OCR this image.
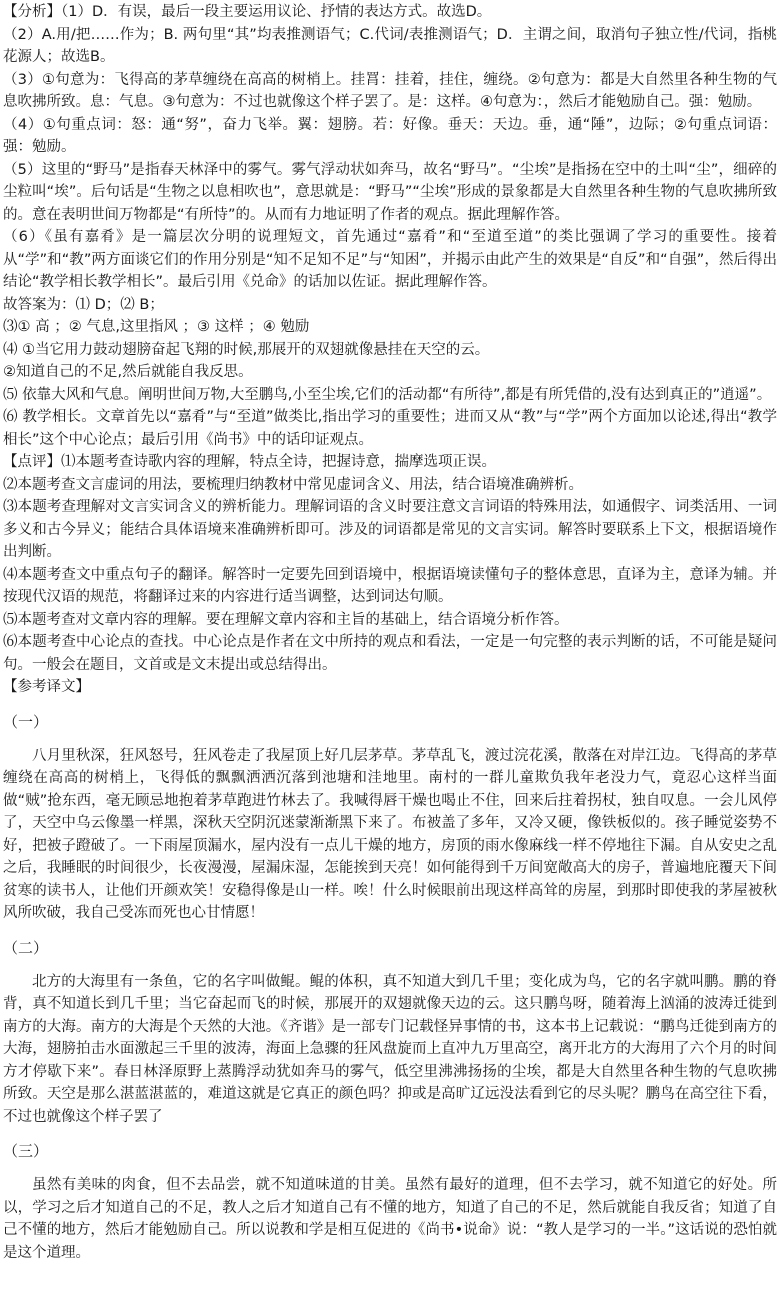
【分析】（1）D．有误，最后一段主要运用议论、抒情的表达方式。故选D。

（2）A.用/把……作为；B. 两句里“其”均表推测语气；C.代词/表推测语气；D．主谓之间，取消句子独立性/代词，指桃花源人；故选B。

（3）①句意为：飞得高的茅草缠绕在高高的树梢上。挂罥：挂着，挂住，缠绕。②句意为：都是大自然里各种生物的气息吹拂所致。息：气息。③句意为：不过也就像这个样子罢了。是：这样。④句意为：，然后才能勉励自己。强：勉励。

（4）①句重点词：怒：通“努”，奋力飞举。翼：翅膀。若：好像。垂天：天边。垂，通“陲”，边际；②句重点词语：强：勉励。

（5）这里的“野马”是指春天林泽中的雾气。雾气浮动状如奔马，故名“野马”。“尘埃”是指扬在空中的土叫“尘”，细碎的尘粒叫“埃”。后句话是“生物之以息相吹也”，意思就是：“野马”“尘埃”形成的景象都是大自然里各种生物的气息吹拂所致的。意在表明世间万物都是“有所恃”的。从而有力地证明了作者的观点。据此理解作答。

（6）《虽有嘉肴》是一篇层次分明的说理短文，首先通过“嘉肴”和“至道至道”的类比强调了学习的重要性。接着从“学”和“教”两方面谈它们的作用分别是“知不足知不足”与“知困”，并揭示由此产生的效果是“自反”和“自强”，然后得出结论“教学相长教学相长”。最后引用《兑命》的话加以佐证。据此理解作答。

故答案为：⑴ D；⑵ B；

⑶① 高 ；② 气息,这里指风 ；③ 这样 ；④ 勉励

⑷ ①当它用力鼓动翅膀奋起飞翔的时候,那展开的双翅就像悬挂在天空的云。

②知道自己的不足,然后就能自我反思。

⑸ 依靠大风和气息。阐明世间万物,大至鹏鸟,小至尘埃,它们的活动都“有所待”,都是有所凭借的,没有达到真正的”逍遥”。

⑹ 教学相长。文章首先以“嘉肴”与“至道”做类比,指出学习的重要性；进而又从“教”与“学”两个方面加以论述,得出“教学相长”这个中心论点；最后引用《尚书》中的话印证观点。

【点评】⑴本题考查诗歌内容的理解，特点全诗，把握诗意，揣摩选项正误。

⑵本题考查文言虚词的用法，要梳理归纳教材中常见虚词含义、用法，结合语境准确辨析。

⑶本题考查理解对文言实词含义的辨析能力。理解词语的含义时要注意文言词语的特殊用法，如通假字、词类活用、一词多义和古今异义；能结合具体语境来准确辨析即可。涉及的词语都是常见的文言实词。解答时要联系上下文，根据语境作出判断。

⑷本题考查文中重点句子的翻译。解答时一定要先回到语境中，根据语境读懂句子的整体意思，直译为主，意译为辅。并按现代汉语的规范，将翻译过来的内容进行适当调整，达到词达句顺。

⑸本题考查对文章内容的理解。要在理解文章内容和主旨的基础上，结合语境分析作答。

⑹本题考查中心论点的查找。中心论点是作者在文中所持的观点和看法，一定是一句完整的表示判断的话，不可能是疑问句。一般会在题目，文首或是文末提出或总结得出。

【参考译文】

（一）

八月里秋深，狂风怒号，狂风卷走了我屋顶上好几层茅草。茅草乱飞，渡过浣花溪，散落在对岸江边。飞得高的茅草缠绕在高高的树梢上，飞得低的飘飘洒洒沉落到池塘和洼地里。南村的一群儿童欺负我年老没力气，竟忍心这样当面做“贼”抢东西，毫无顾忌地抱着茅草跑进竹林去了。我喊得唇干燥也喝止不住，回来后拄着拐杖，独自叹息。一会儿风停了，天空中乌云像墨一样黑，深秋天空阴沉迷蒙渐渐黑下来了。布被盖了多年，又冷又硬，像铁板似的。孩子睡觉姿势不好，把被子蹬破了。一下雨屋顶漏水，屋内没有一点儿干燥的地方，房顶的雨水像麻线一样不停地往下漏。自从安史之乱之后，我睡眠的时间很少，长夜漫漫，屋漏床湿，怎能挨到天亮！如何能得到千万间宽敞高大的房子，普遍地庇覆天下间贫寒的读书人，让他们开颜欢笑！安稳得像是山一样。唉！什么时候眼前出现这样高耸的房屋，到那时即使我的茅屋被秋风所吹破，我自己受冻而死也心甘情愿！

（二）

北方的大海里有一条鱼，它的名字叫做鲲。鲲的体积，真不知道大到几千里；变化成为鸟，它的名字就叫鹏。鹏的脊背，真不知道长到几千里；当它奋起而飞的时候，那展开的双翅就像天边的云。这只鹏鸟呀，随着海上汹涌的波涛迁徙到南方的大海。南方的大海是个天然的大池。《齐谐》是一部专门记载怪异事情的书，这本书上记载说：“鹏鸟迁徙到南方的大海，翅膀拍击水面激起三千里的波涛，海面上急骤的狂风盘旋而上直冲九万里高空，离开北方的大海用了六个月的时间方才停歇下来”。春日林泽原野上蒸腾浮动犹如奔马的雾气，低空里沸沸扬扬的尘埃，都是大自然里各种生物的气息吹拂所致。天空是那么湛蓝湛蓝的，难道这就是它真正的颜色吗？抑或是高旷辽远没法看到它的尽头呢？鹏鸟在高空往下看，不过也就像这个样子罢了

（三）

虽然有美味的肉食，但不去品尝，就不知道味道的甘美。虽然有最好的道理，但不去学习，就不知道它的好处。所以，学习之后才知道自己的不足，教人之后才知道自己有不懂的地方，知道了自己的不足，然后就能自我反省；知道了自己不懂的地方，然后才能勉励自己。所以说教和学是相互促进的《尚书•说命》说：“教人是学习的一半。”这话说的恐怕就是这个道理。
